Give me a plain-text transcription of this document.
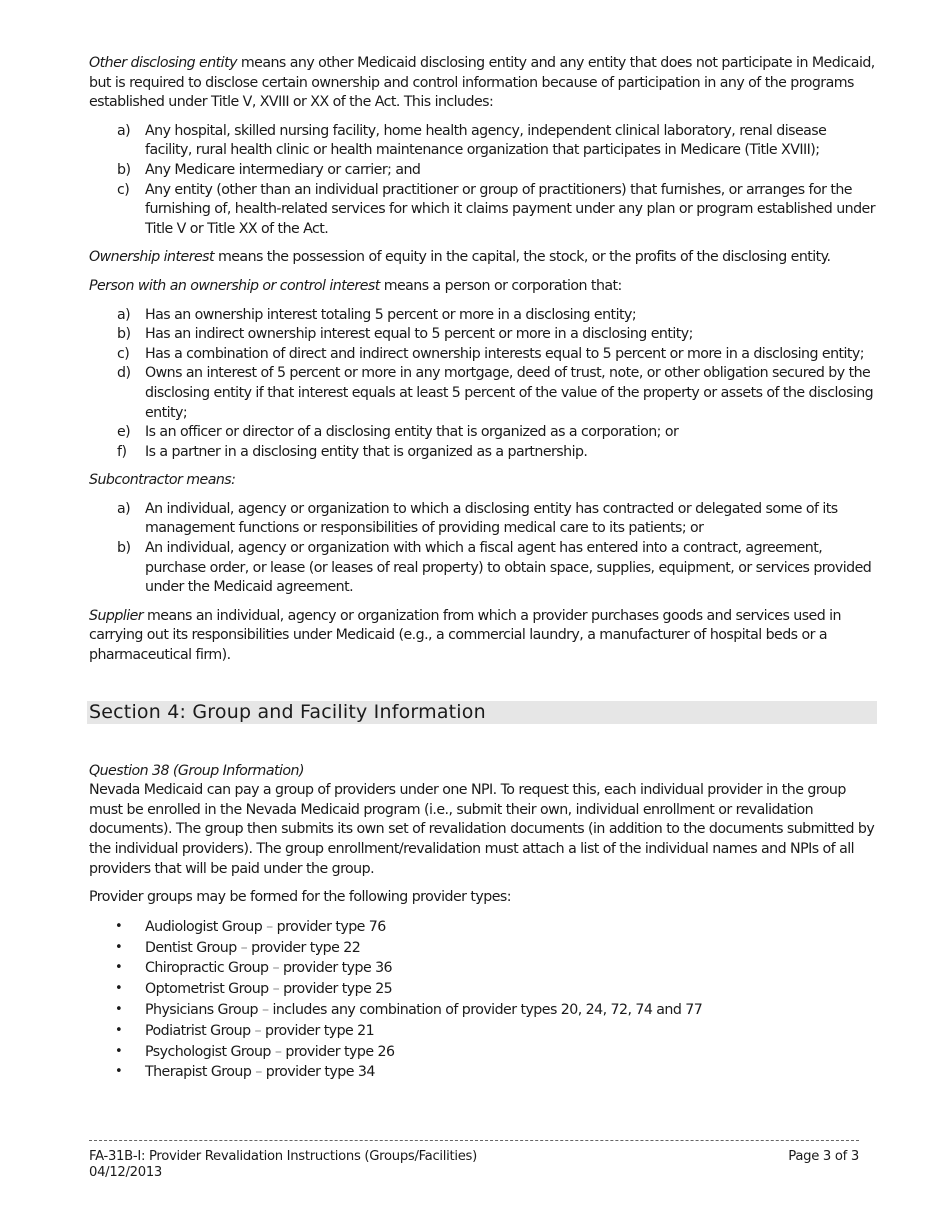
Other disclosing entity means any other Medicaid disclosing entity and any entity that does not participate in Medicaid, but is required to disclose certain ownership and control information because of participation in any of the programs established under Title V, XVIII or XX of the Act. This includes:

a) Any hospital, skilled nursing facility, home health agency, independent clinical laboratory, renal disease facility, rural health clinic or health maintenance organization that participates in Medicare (Title XVIII);
b) Any Medicare intermediary or carrier; and
c) Any entity (other than an individual practitioner or group of practitioners) that furnishes, or arranges for the furnishing of, health-related services for which it claims payment under any plan or program established under Title V or Title XX of the Act.

Ownership interest means the possession of equity in the capital, the stock, or the profits of the disclosing entity.

Person with an ownership or control interest means a person or corporation that:

a) Has an ownership interest totaling 5 percent or more in a disclosing entity;
b) Has an indirect ownership interest equal to 5 percent or more in a disclosing entity;
c) Has a combination of direct and indirect ownership interests equal to 5 percent or more in a disclosing entity;
d) Owns an interest of 5 percent or more in any mortgage, deed of trust, note, or other obligation secured by the disclosing entity if that interest equals at least 5 percent of the value of the property or assets of the disclosing entity;
e) Is an officer or director of a disclosing entity that is organized as a corporation; or
f) Is a partner in a disclosing entity that is organized as a partnership.

Subcontractor means:

a) An individual, agency or organization to which a disclosing entity has contracted or delegated some of its management functions or responsibilities of providing medical care to its patients; or
b) An individual, agency or organization with which a fiscal agent has entered into a contract, agreement, purchase order, or lease (or leases of real property) to obtain space, supplies, equipment, or services provided under the Medicaid agreement.

Supplier means an individual, agency or organization from which a provider purchases goods and services used in carrying out its responsibilities under Medicaid (e.g., a commercial laundry, a manufacturer of hospital beds or a pharmaceutical firm).

Section 4: Group and Facility Information

Question 38 (Group Information)

Nevada Medicaid can pay a group of providers under one NPI. To request this, each individual provider in the group must be enrolled in the Nevada Medicaid program (i.e., submit their own, individual enrollment or revalidation documents). The group then submits its own set of revalidation documents (in addition to the documents submitted by the individual providers). The group enrollment/revalidation must attach a list of the individual names and NPIs of all providers that will be paid under the group.

Provider groups may be formed for the following provider types:

• Audiologist Group – provider type 76
• Dentist Group – provider type 22
• Chiropractic Group – provider type 36
• Optometrist Group – provider type 25
• Physicians Group – includes any combination of provider types 20, 24, 72, 74 and 77
• Podiatrist Group – provider type 21
• Psychologist Group – provider type 26
• Therapist Group – provider type 34
FA-31B-I: Provider Revalidation Instructions (Groups/Facilities)	Page 3 of 3
04/12/2013
